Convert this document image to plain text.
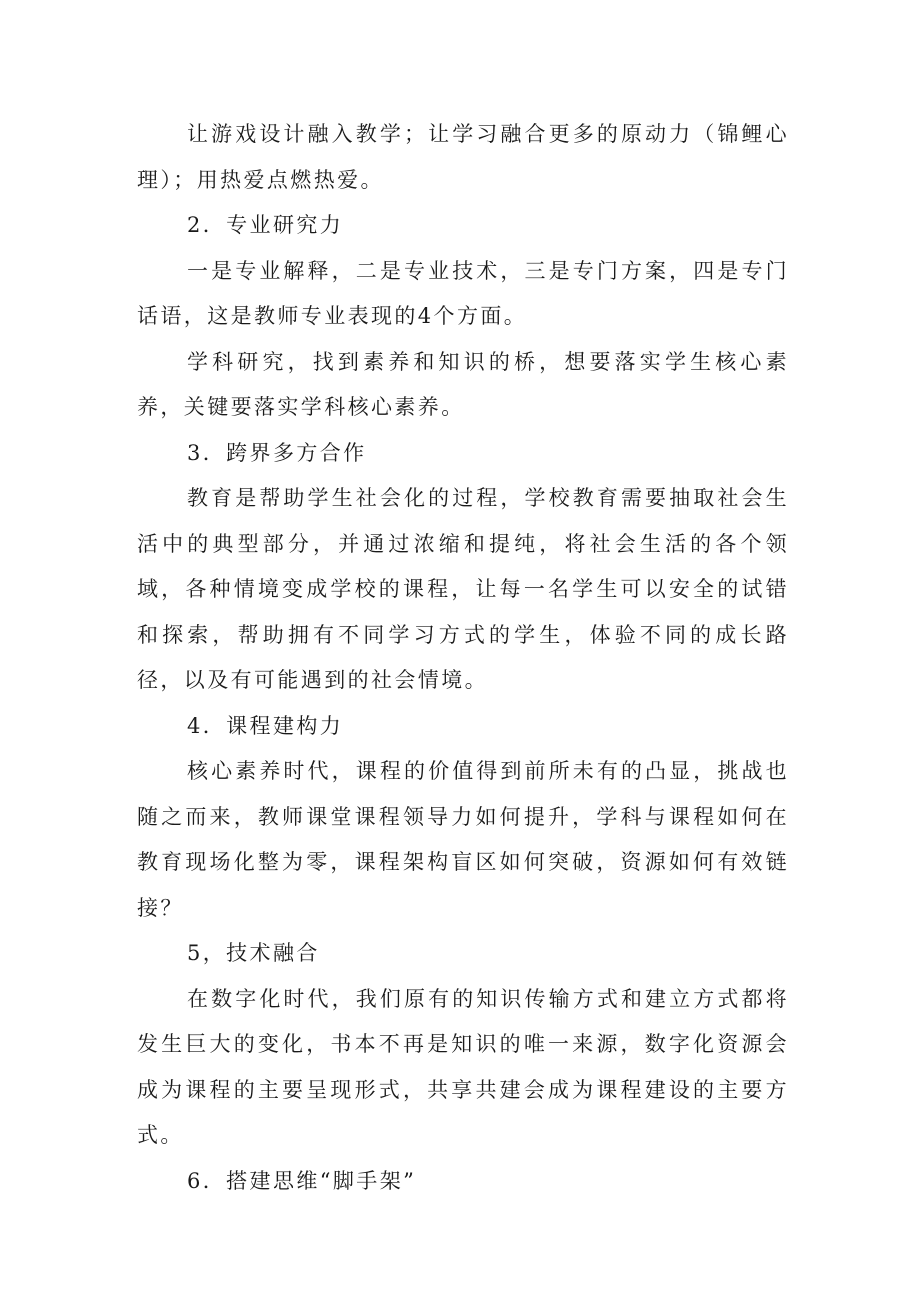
让游戏设计融入教学；让学习融合更多的原动力（锦鲤心理）；用热爱点燃热爱。

2．专业研究力

一是专业解释，二是专业技术，三是专门方案，四是专门话语，这是教师专业表现的4个方面。

学科研究，找到素养和知识的桥，想要落实学生核心素养，关键要落实学科核心素养。

3．跨界多方合作

教育是帮助学生社会化的过程，学校教育需要抽取社会生活中的典型部分，并通过浓缩和提纯，将社会生活的各个领域，各种情境变成学校的课程，让每一名学生可以安全的试错和探索，帮助拥有不同学习方式的学生，体验不同的成长路径，以及有可能遇到的社会情境。

4．课程建构力

核心素养时代，课程的价值得到前所未有的凸显，挑战也随之而来，教师课堂课程领导力如何提升，学科与课程如何在教育现场化整为零，课程架构盲区如何突破，资源如何有效链接？

5，技术融合

在数字化时代，我们原有的知识传输方式和建立方式都将发生巨大的变化，书本不再是知识的唯一来源，数字化资源会成为课程的主要呈现形式，共享共建会成为课程建设的主要方式。

6．搭建思维“脚手架”
